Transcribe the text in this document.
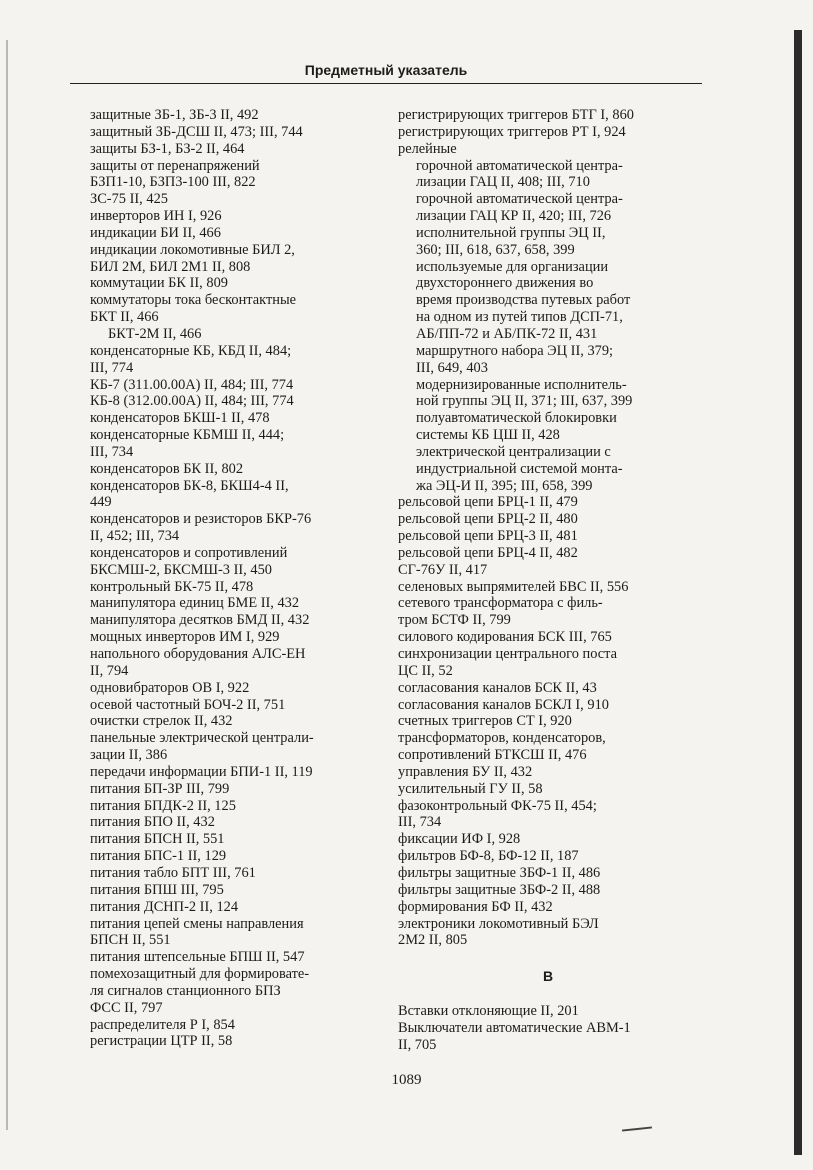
Предметный указатель
защитные ЗБ-1, ЗБ-3 II, 492
защитный ЗБ-ДСШ II, 473; III, 744
защиты БЗ-1, БЗ-2 II, 464
защиты от перенапряжений
БЗП1-10, БЗП3-100 III, 822
ЗС-75 II, 425
инверторов ИН I, 926
индикации БИ II, 466
индикации локомотивные БИЛ 2,
БИЛ 2М, БИЛ 2М1 II, 808
коммутации БК II, 809
коммутаторы тока бесконтактные
БКТ II, 466
БКТ-2М II, 466
конденсаторные КБ, КБД II, 484;
III, 774
КБ-7 (311.00.00А) II, 484; III, 774
КБ-8 (312.00.00А) II, 484; III, 774
конденсаторов БКШ-1 II, 478
конденсаторные КБМШ II, 444;
III, 734
конденсаторов БК II, 802
конденсаторов БК-8, БКШ4-4 II,
449
конденсаторов и резисторов БКР-76
II, 452; III, 734
конденсаторов и сопротивлений
БКСМШ-2, БКСМШ-3 II, 450
контрольный БК-75 II, 478
манипулятора единиц БМЕ II, 432
манипулятора десятков БМД II, 432
мощных инверторов ИМ I, 929
напольного оборудования АЛС-ЕН
II, 794
одновибраторов ОВ I, 922
осевой частотный БОЧ-2 II, 751
очистки стрелок II, 432
панельные электрической централи-
зации II, 386
передачи информации БПИ-1 II, 119
питания БП-ЗР III, 799
питания БПДК-2 II, 125
питания БПО II, 432
питания БПСН II, 551
питания БПС-1 II, 129
питания табло БПТ III, 761
питания БПШ III, 795
питания ДСНП-2 II, 124
питания цепей смены направления
БПСН II, 551
питания штепсельные БПШ II, 547
помехозащитный для формировате-
ля сигналов станционного БПЗ
ФСС II, 797
распределителя Р I, 854
регистрации ЦТР II, 58
регистрирующих триггеров БТГ I, 860
регистрирующих триггеров РТ I, 924
релейные
горочной автоматической центра-
лизации ГАЦ II, 408; III, 710
горочной автоматической центра-
лизации ГАЦ КР II, 420; III, 726
исполнительной группы ЭЦ II,
360; III, 618, 637, 658, 399
используемые для организации
двухстороннего движения во
время производства путевых работ
на одном из путей типов ДСП-71,
АБ/ПП-72 и АБ/ПК-72 II, 431
маршрутного набора ЭЦ II, 379;
III, 649, 403
модернизированные исполнитель-
ной группы ЭЦ II, 371; III, 637, 399
полуавтоматической блокировки
системы КБ ЦШ II, 428
электрической централизации с
индустриальной системой монта-
жа ЭЦ-И II, 395; III, 658, 399
рельсовой цепи БРЦ-1 II, 479
рельсовой цепи БРЦ-2 II, 480
рельсовой цепи БРЦ-3 II, 481
рельсовой цепи БРЦ-4 II, 482
СГ-76У II, 417
селеновых выпрямителей БВС II, 556
сетевого трансформатора с филь-
тром БСТФ II, 799
силового кодирования БСК III, 765
синхронизации центрального поста
ЦС II, 52
согласования каналов БСК II, 43
согласования каналов БСКЛ I, 910
счетных триггеров СТ I, 920
трансформаторов, конденсаторов,
сопротивлений БТКСШ II, 476
управления БУ II, 432
усилительный ГУ II, 58
фазоконтрольный ФК-75 II, 454;
III, 734
фиксации ИФ I, 928
фильтров БФ-8, БФ-12 II, 187
фильтры защитные ЗБФ-1 II, 486
фильтры защитные ЗБФ-2 II, 488
формирования БФ II, 432
электроники локомотивный БЭЛ
2М2 II, 805
В
Вставки отклоняющие II, 201
Выключатели автоматические АВМ-1
II, 705
1089
